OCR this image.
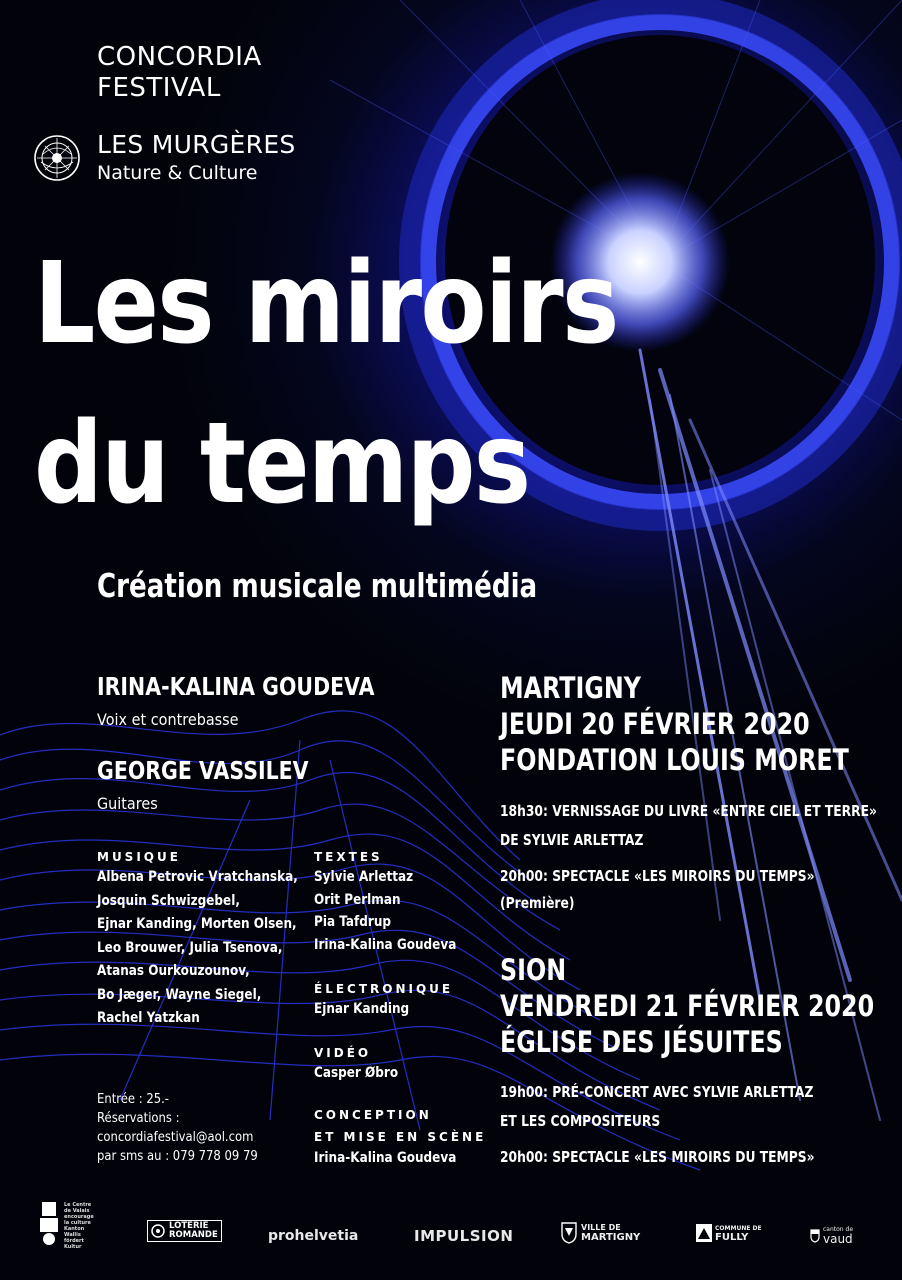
CONCORDIA
FESTIVAL
LES MURGÈRES
Nature & Culture
Les miroirs
du temps
Création musicale multimédia
IRINA-KALINA GOUDEVA
Voix et contrebasse
GEORGE VASSILEV
Guitares
MUSIQUE
Albena Petrovic Vratchanska,
Josquin Schwizgebel,
Ejnar Kanding, Morten Olsen,
Leo Brouwer, Julia Tsenova,
Atanas Ourkouzounov,
Bo Jæger, Wayne Siegel,
Rachel Yatzkan
TEXTES
Sylvie Arlettaz
Orit Perlman
Pia Tafdrup
Irina-Kalina Goudeva
ÉLECTRONIQUE
Ejnar Kanding
VIDÉO
Casper Øbro
CONCEPTION
ET MISE EN SCÈNE
Irina-Kalina Goudeva
Entrée : 25.-
Réservations :
concordiafestival@aol.com
par sms au : 079 778 09 79
MARTIGNY
JEUDI 20 FÉVRIER 2020
FONDATION LOUIS MORET
18h30: VERNISSAGE DU LIVRE «ENTRE CIEL ET TERRE»
DE SYLVIE ARLETTAZ
20h00: SPECTACLE «LES MIROIRS DU TEMPS»
(Première)
SION
VENDREDI 21 FÉVRIER 2020
ÉGLISE DES JÉSUITES
19h00: PRÉ-CONCERT AVEC SYLVIE ARLETTAZ
ET LES COMPOSITEURS
20h00: SPECTACLE «LES MIROIRS DU TEMPS»
Le Centre
de Valais
encourage
la culture
Kanton
Wallis fördert
Kultur
LOTERIE
ROMANDE	prohelvetia	IMPULSION	VILLE DE
MARTIGNY
COMMUNE DE
FULLY
canton de
vaud
